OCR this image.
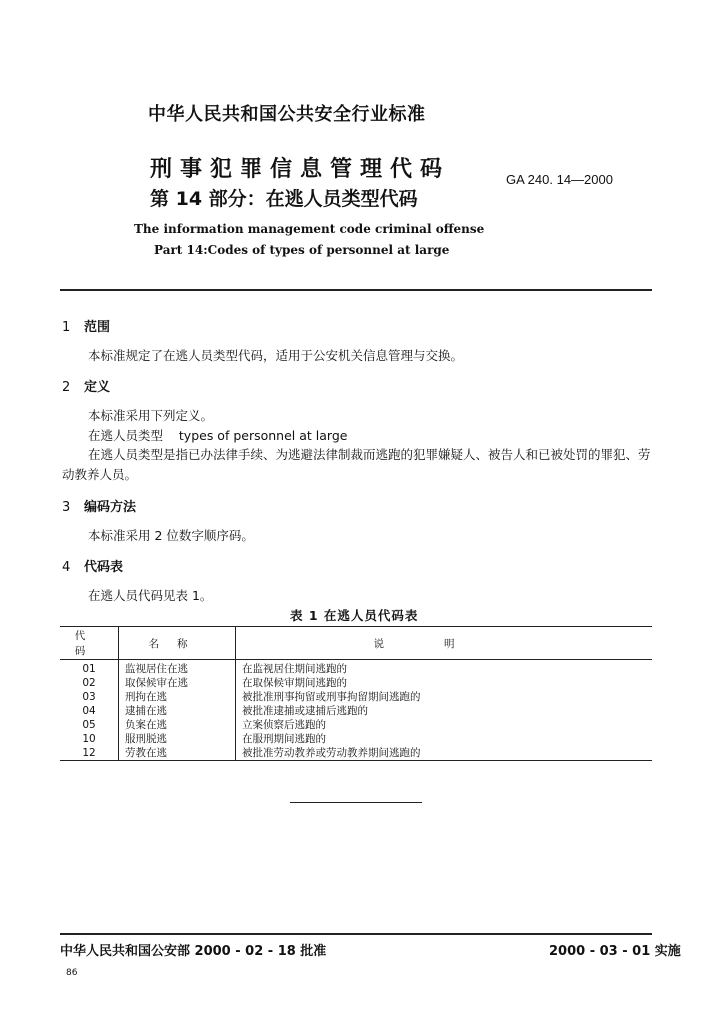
中华人民共和国公共安全行业标准
刑事犯罪信息管理代码
第 14 部分：在逃人员类型代码
GA 240. 14—2000
The information management code criminal offense
Part 14:Codes of types of personnel at large
1 范围
本标准规定了在逃人员类型代码，适用于公安机关信息管理与交换。
2 定义
本标准采用下列定义。
在逃人员类型    types of personnel at large
在逃人员类型是指已办法律手续、为逃避法律制裁而逃跑的犯罪嫌疑人、被告人和已被处罚的罪犯、劳动教养人员。
3 编码方法
本标准采用 2 位数字顺序码。
4 代码表
在逃人员代码见表 1。
表 1 在逃人员代码表
代码	名称	说明
01	监视居住在逃	在监视居住期间逃跑的
02	取保候审在逃	在取保候审期间逃跑的
03	刑拘在逃	被批准刑事拘留或刑事拘留期间逃跑的
04	逮捕在逃	被批准逮捕或逮捕后逃跑的
05	负案在逃	立案侦察后逃跑的
10	服刑脱逃	在服刑期间逃跑的
12	劳教在逃	被批准劳动教养或劳动教养期间逃跑的
中华人民共和国公安部 2000 - 02 - 18 批准	2000 - 03 - 01 实施
86
